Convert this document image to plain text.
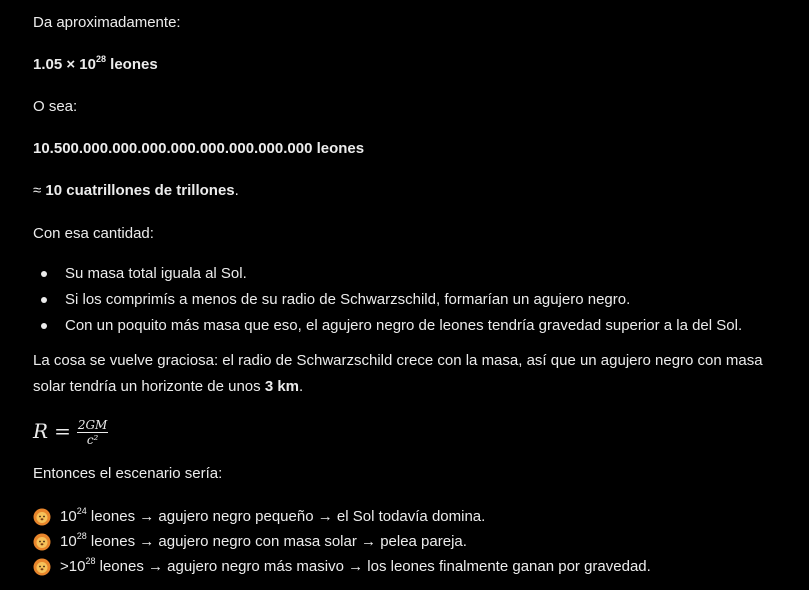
Da aproximadamente:

$1.05 \times 10^{28}$ leones

O sea:

10.500.000.000.000.000.000.000.000.000 leones

≈ 10 cuatrillones de trillones.

Con esa cantidad:

Su masa total iguala al Sol.
Si los comprimís a menos de su radio de Schwarzschild, formarían un agujero negro.
Con un poquito más masa que eso, el agujero negro de leones tendría gravedad superior a la del Sol.

La cosa se vuelve graciosa: el radio de Schwarzschild crece con la masa, así que un agujero negro con masa solar tendría un horizonte de unos 3 km.

$R = \frac{2GM}{\text{c²}}$

Entonces el escenario sería:

$10^{24}$ leones → agujero negro pequeño → el Sol todavía domina.
$10^{28}$ leones → agujero negro con masa solar → pelea pareja.
$>10^{28}$ leones → agujero negro más masivo → los leones finalmente ganan por gravedad.
